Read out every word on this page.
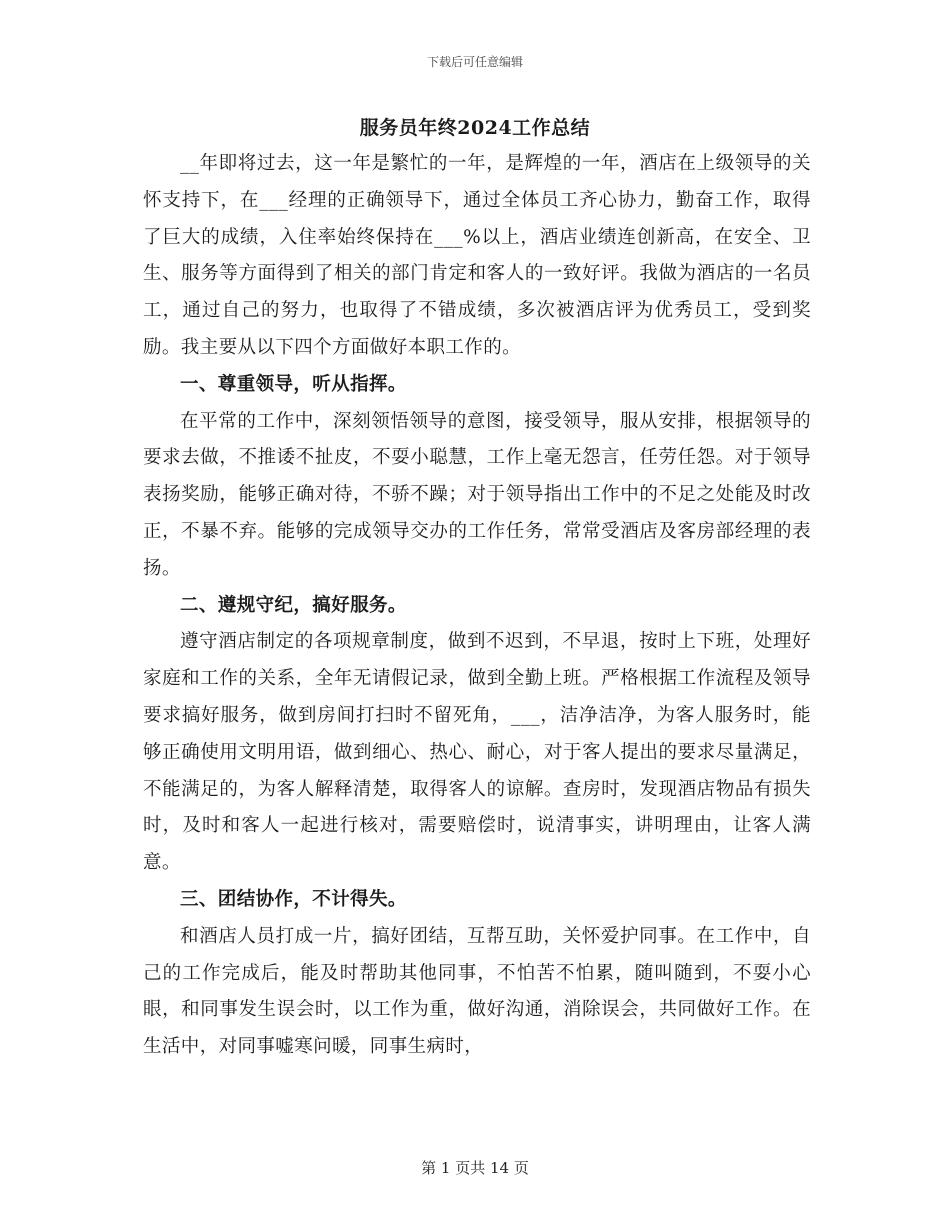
下载后可任意编辑
服务员年终2024工作总结

__年即将过去，这一年是繁忙的一年，是辉煌的一年，酒店在上级领导的关怀支持下，在___经理的正确领导下，通过全体员工齐心协力，勤奋工作，取得了巨大的成绩，入住率始终保持在___%以上，酒店业绩连创新高，在安全、卫生、服务等方面得到了相关的部门肯定和客人的一致好评。我做为酒店的一名员工，通过自己的努力，也取得了不错成绩，多次被酒店评为优秀员工，受到奖励。我主要从以下四个方面做好本职工作的。

一、尊重领导，听从指挥。

在平常的工作中，深刻领悟领导的意图，接受领导，服从安排，根据领导的要求去做，不推诿不扯皮，不耍小聪慧，工作上毫无怨言，任劳任怨。对于领导表扬奖励，能够正确对待，不骄不躁；对于领导指出工作中的不足之处能及时改正，不暴不弃。能够的完成领导交办的工作任务，常常受酒店及客房部经理的表扬。

二、遵规守纪，搞好服务。

遵守酒店制定的各项规章制度，做到不迟到，不早退，按时上下班，处理好家庭和工作的关系，全年无请假记录，做到全勤上班。严格根据工作流程及领导要求搞好服务，做到房间打扫时不留死角，___，洁净洁净，为客人服务时，能够正确使用文明用语，做到细心、热心、耐心，对于客人提出的要求尽量满足，不能满足的，为客人解释清楚，取得客人的谅解。查房时，发现酒店物品有损失时，及时和客人一起进行核对，需要赔偿时，说清事实，讲明理由，让客人满意。

三、团结协作，不计得失。

和酒店人员打成一片，搞好团结，互帮互助，关怀爱护同事。在工作中，自己的工作完成后，能及时帮助其他同事，不怕苦不怕累，随叫随到，不耍小心眼，和同事发生误会时，以工作为重，做好沟通，消除误会，共同做好工作。在生活中，对同事嘘寒问暖，同事生病时，

第 1 页共 14 页
